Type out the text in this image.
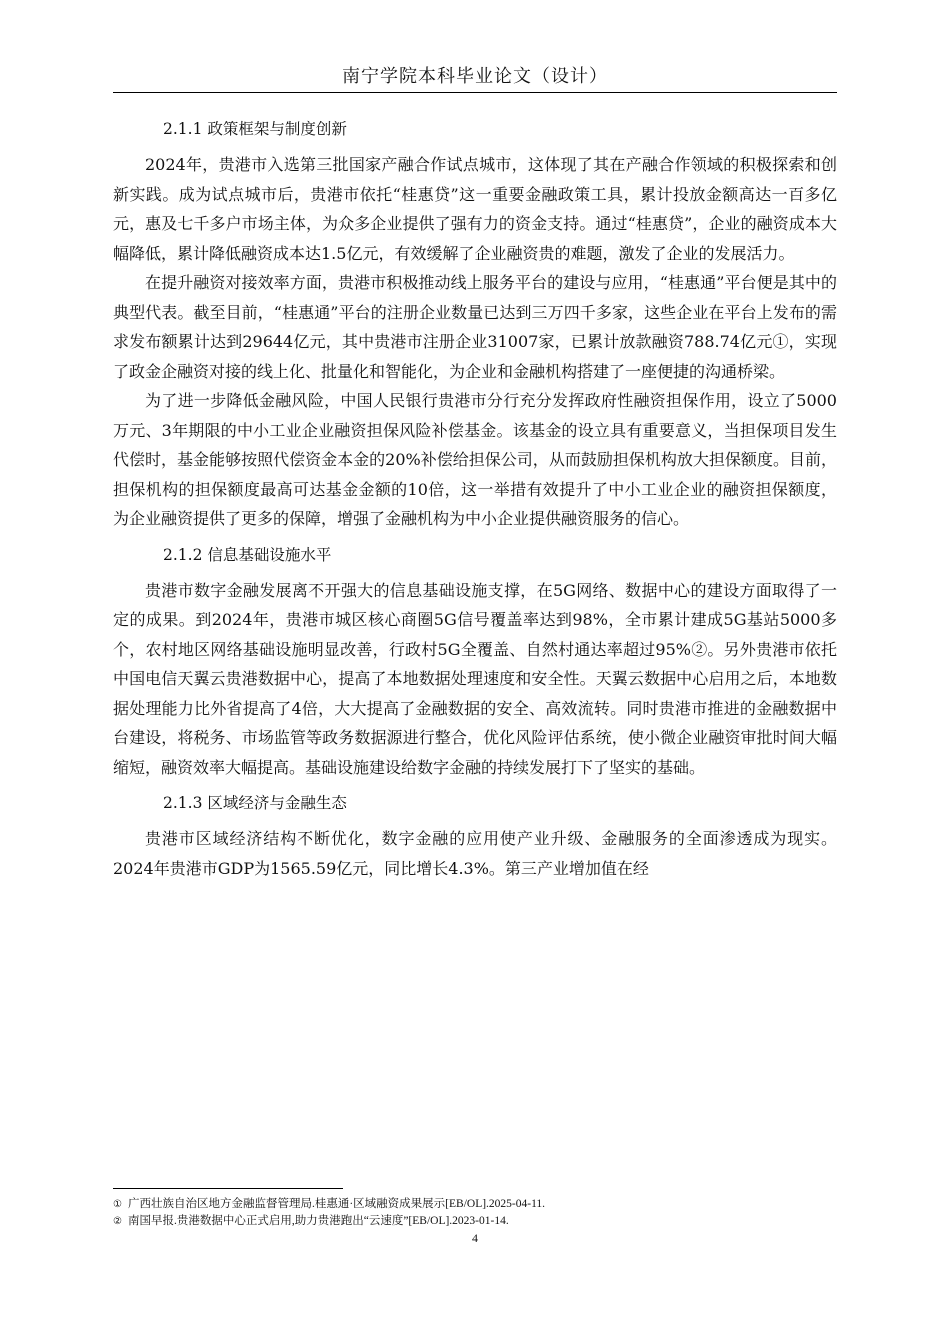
南宁学院本科毕业论文（设计）
2.1.1 政策框架与制度创新

2024年，贵港市入选第三批国家产融合作试点城市，这体现了其在产融合作领域的积极探索和创新实践。成为试点城市后，贵港市依托“桂惠贷”这一重要金融政策工具，累计投放金额高达一百多亿元，惠及七千多户市场主体，为众多企业提供了强有力的资金支持。通过“桂惠贷”，企业的融资成本大幅降低，累计降低融资成本达1.5亿元，有效缓解了企业融资贵的难题，激发了企业的发展活力。

在提升融资对接效率方面，贵港市积极推动线上服务平台的建设与应用，“桂惠通”平台便是其中的典型代表。截至目前，“桂惠通”平台的注册企业数量已达到三万四千多家，这些企业在平台上发布的需求发布额累计达到29644亿元，其中贵港市注册企业31007家，已累计放款融资788.74亿元①，实现了政金企融资对接的线上化、批量化和智能化，为企业和金融机构搭建了一座便捷的沟通桥梁。

为了进一步降低金融风险，中国人民银行贵港市分行充分发挥政府性融资担保作用，设立了5000万元、3年期限的中小工业企业融资担保风险补偿基金。该基金的设立具有重要意义，当担保项目发生代偿时，基金能够按照代偿资金本金的20%补偿给担保公司，从而鼓励担保机构放大担保额度。目前，担保机构的担保额度最高可达基金金额的10倍，这一举措有效提升了中小工业企业的融资担保额度，为企业融资提供了更多的保障，增强了金融机构为中小企业提供融资服务的信心。

2.1.2 信息基础设施水平

贵港市数字金融发展离不开强大的信息基础设施支撑，在5G网络、数据中心的建设方面取得了一定的成果。到2024年，贵港市城区核心商圈5G信号覆盖率达到98%，全市累计建成5G基站5000多个，农村地区网络基础设施明显改善，行政村5G全覆盖、自然村通达率超过95%②。另外贵港市依托中国电信天翼云贵港数据中心，提高了本地数据处理速度和安全性。天翼云数据中心启用之后，本地数据处理能力比外省提高了4倍，大大提高了金融数据的安全、高效流转。同时贵港市推进的金融数据中台建设，将税务、市场监管等政务数据源进行整合，优化风险评估系统，使小微企业融资审批时间大幅缩短，融资效率大幅提高。基础设施建设给数字金融的持续发展打下了坚实的基础。

2.1.3 区域经济与金融生态

贵港市区域经济结构不断优化，数字金融的应用使产业升级、金融服务的全面渗透成为现实。2024年贵港市GDP为1565.59亿元，同比增长4.3%。第三产业增加值在经

① 广西壮族自治区地方金融监督管理局.桂惠通·区域融资成果展示[EB/OL].2025-04-11.

② 南国早报.贵港数据中心正式启用,助力贵港跑出“云速度”[EB/OL].2023-01-14.

4
